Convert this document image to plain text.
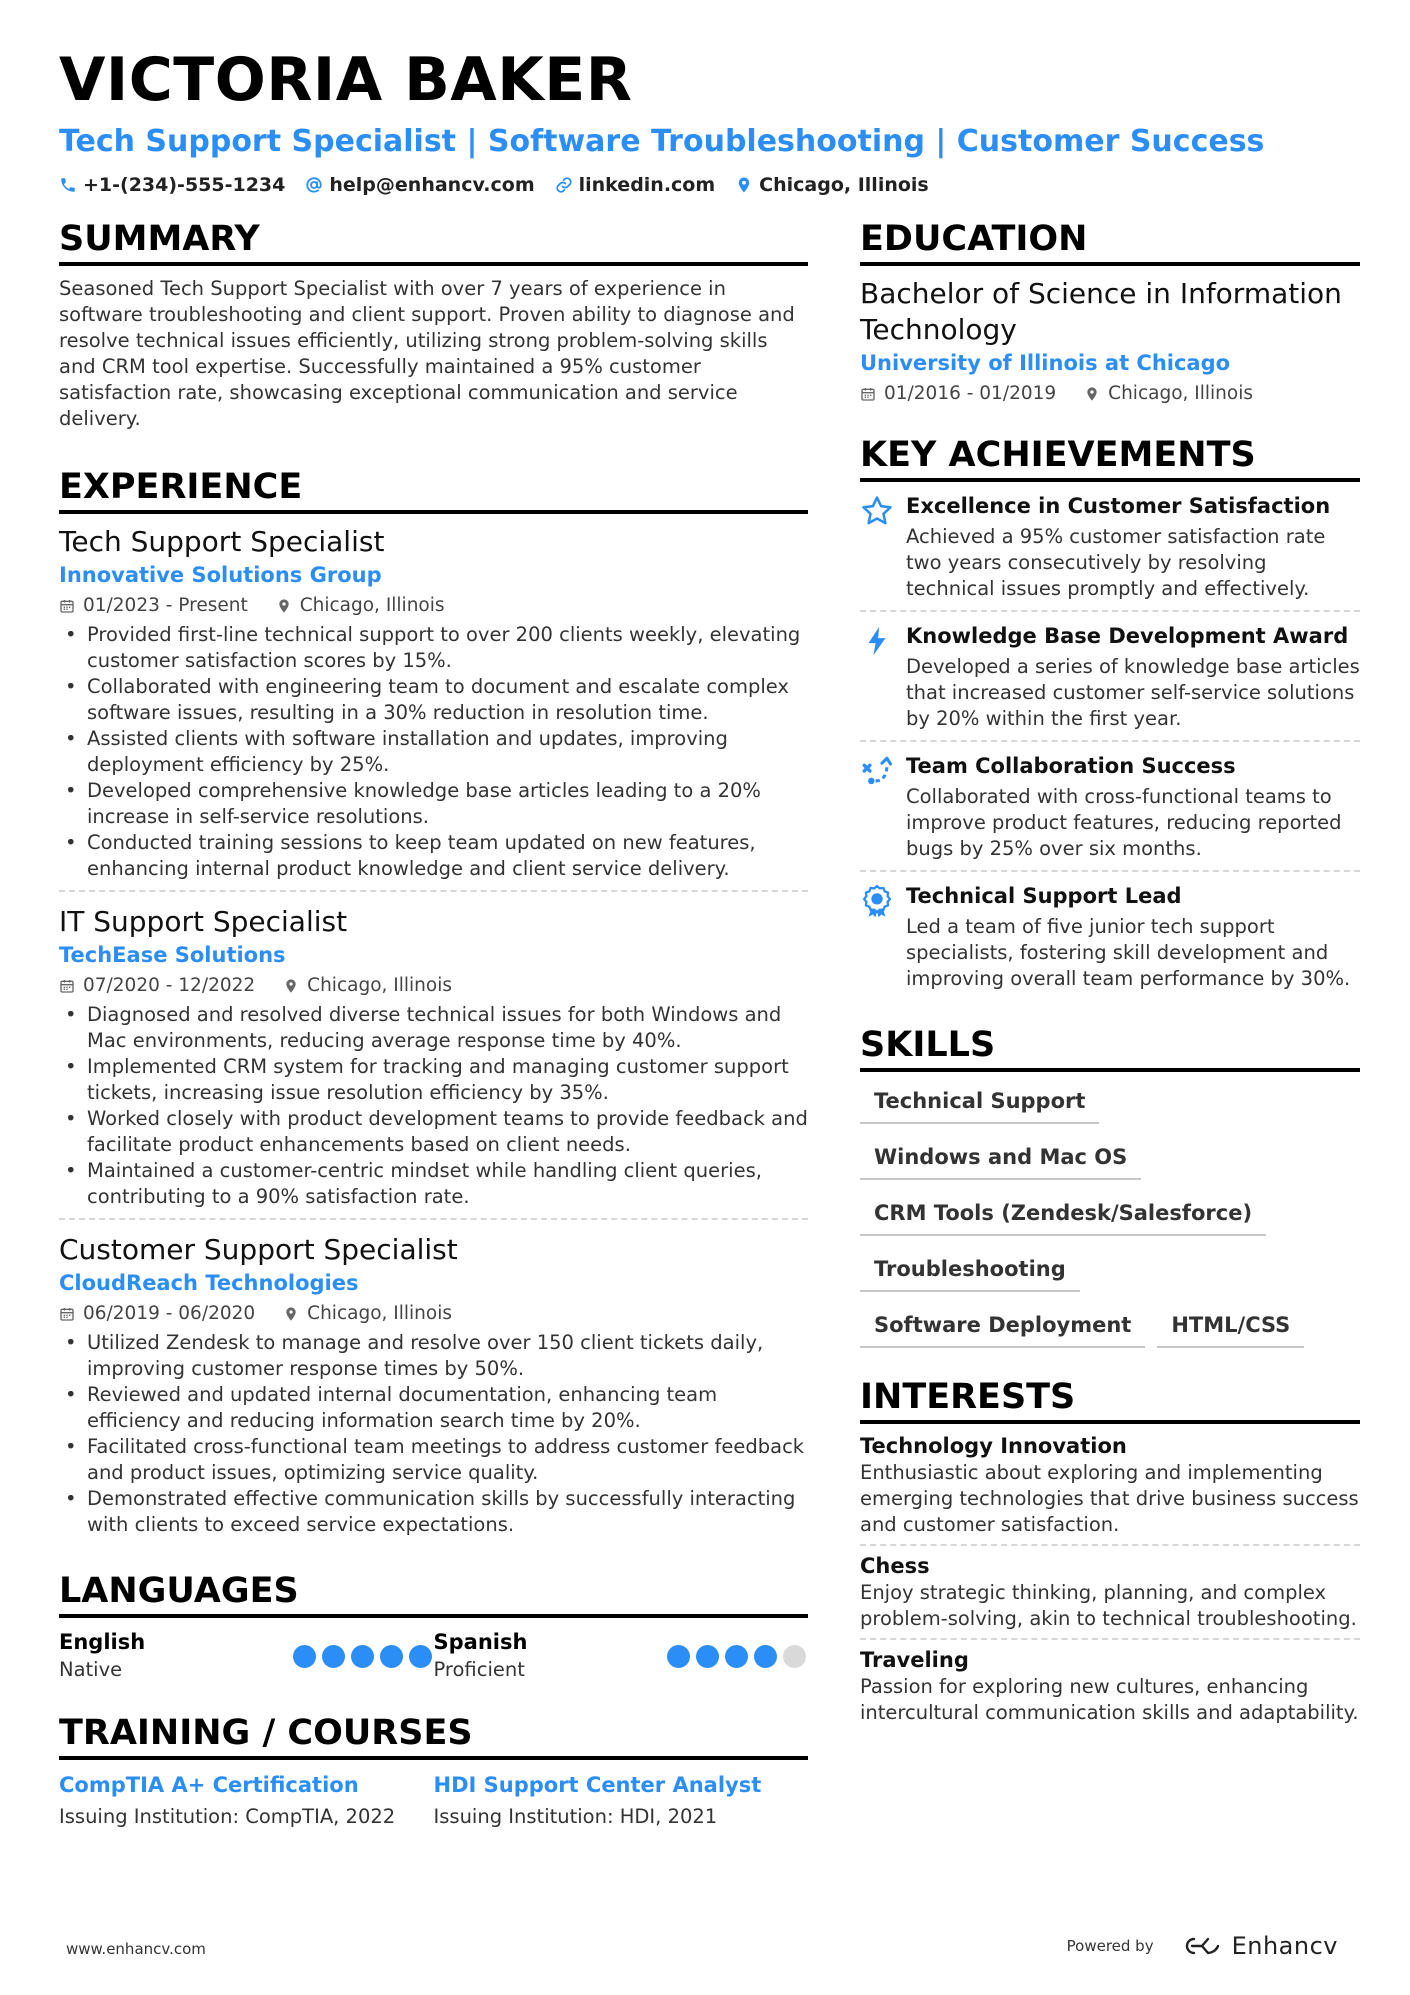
VICTORIA BAKER
Tech Support Specialist | Software Troubleshooting | Customer Success
+1-(234)-555-1234 help@enhancv.com linkedin.com Chicago, Illinois
SUMMARY
Seasoned Tech Support Specialist with over 7 years of experience in software troubleshooting and client support. Proven ability to diagnose and resolve technical issues efficiently, utilizing strong problem-solving skills and CRM tool expertise. Successfully maintained a 95% customer satisfaction rate, showcasing exceptional communication and service delivery.
EXPERIENCE
Tech Support Specialist
Innovative Solutions Group
01/2023 - Present	Chicago, Illinois
• Provided first-line technical support to over 200 clients weekly, elevating customer satisfaction scores by 15%.
• Collaborated with engineering team to document and escalate complex software issues, resulting in a 30% reduction in resolution time.
• Assisted clients with software installation and updates, improving deployment efficiency by 25%.
• Developed comprehensive knowledge base articles leading to a 20% increase in self-service resolutions.
• Conducted training sessions to keep team updated on new features, enhancing internal product knowledge and client service delivery.
IT Support Specialist
TechEase Solutions
07/2020 - 12/2022	Chicago, Illinois
• Diagnosed and resolved diverse technical issues for both Windows and Mac environments, reducing average response time by 40%.
• Implemented CRM system for tracking and managing customer support tickets, increasing issue resolution efficiency by 35%.
• Worked closely with product development teams to provide feedback and facilitate product enhancements based on client needs.
• Maintained a customer-centric mindset while handling client queries, contributing to a 90% satisfaction rate.
Customer Support Specialist
CloudReach Technologies
06/2019 - 06/2020	Chicago, Illinois
• Utilized Zendesk to manage and resolve over 150 client tickets daily, improving customer response times by 50%.
• Reviewed and updated internal documentation, enhancing team efficiency and reducing information search time by 20%.
• Facilitated cross-functional team meetings to address customer feedback and product issues, optimizing service quality.
• Demonstrated effective communication skills by successfully interacting with clients to exceed service expectations.
LANGUAGES
English
Native
Spanish
Proficient
TRAINING / COURSES
CompTIA A+ Certification
Issuing Institution: CompTIA, 2022
HDI Support Center Analyst
Issuing Institution: HDI, 2021
EDUCATION
Bachelor of Science in Information Technology
University of Illinois at Chicago
01/2016 - 01/2019	Chicago, Illinois
KEY ACHIEVEMENTS
Excellence in Customer Satisfaction
Achieved a 95% customer satisfaction rate two years consecutively by resolving technical issues promptly and effectively.
Knowledge Base Development Award
Developed a series of knowledge base articles that increased customer self-service solutions by 20% within the first year.
Team Collaboration Success
Collaborated with cross-functional teams to improve product features, reducing reported bugs by 25% over six months.
Technical Support Lead
Led a team of five junior tech support specialists, fostering skill development and improving overall team performance by 30%.
SKILLS
Technical Support
Windows and Mac OS
CRM Tools (Zendesk/Salesforce)
Troubleshooting
Software Deployment	HTML/CSS
INTERESTS
Technology Innovation
Enthusiastic about exploring and implementing emerging technologies that drive business success and customer satisfaction.
Chess
Enjoy strategic thinking, planning, and complex problem-solving, akin to technical troubleshooting.
Traveling
Passion for exploring new cultures, enhancing intercultural communication skills and adaptability.
www.enhancv.com	Powered by	Enhancv
